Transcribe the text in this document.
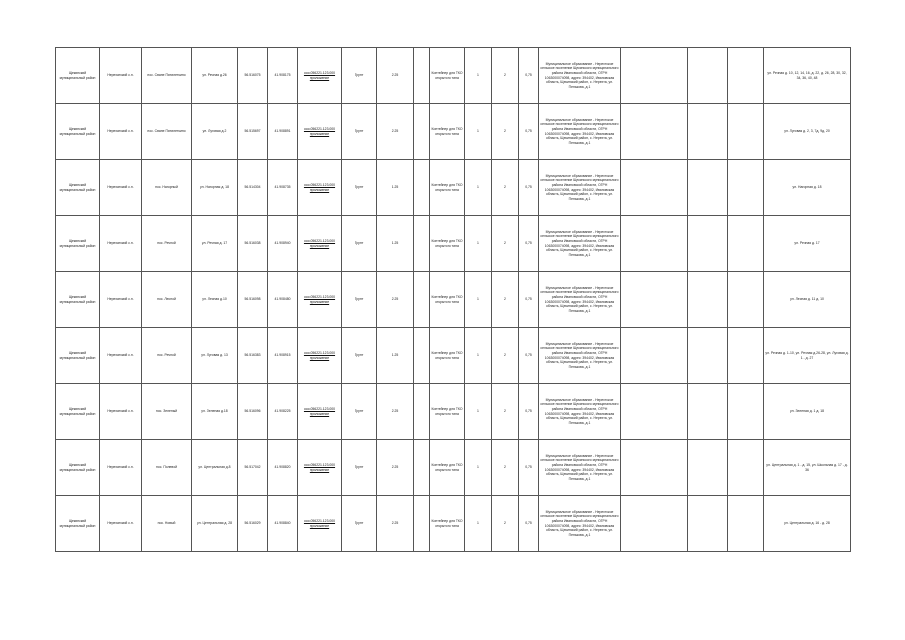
Щекинский муниципальный район	Нерехатский с.п.	пос. Сване Пятилеткино	ул. Речная д.26	56.516075	41.908175	ооо.056221.123.000 приложение	Грунт	2.25		Контейнер для ТКО открытого типа	1	2	0,75	Муниципальное образование - Нерехтское сельское поселение Щекинского муниципального района Ивановской области, ОГРН 1063000074098, адрес: 394402, Ивановская область, Щекинский район, с. Нерехта, ул. Пенькова, д.1				ул. Речная д. 10, 12, 14, 16, д. 22, д. 26, 28, 30, 32, 34, 36, 40, 48
Щекинский муниципальный район	Нерехатский с.п.	пос. Сване Пятилеткино	ул. Луговая д.2	56.515697	41.908891	ооо.056221.123.000 приложение	Грунт	2.25		Контейнер для ТКО открытого типа	1	2	0,75	Муниципальное образование - Нерехтское сельское поселение Щекинского муниципального района Ивановской области, ОГРН 1063000074098, адрес: 394402, Ивановская область, Щекинский район, с. Нерехта, ул. Пенькова, д.1				ул. Луговая д. 2, 3, 7д, 9д, 20
Щекинский муниципальный район	Нерехатский с.п.	пос. Нагорный	ул. Нагорная д. 18	56.514304	41.908735	ооо.056221.123.000 приложение	Грунт	1.25		Контейнер для ТКО открытого типа	1	2	0,75	Муниципальное образование - Нерехтское сельское поселение Щекинского муниципального района Ивановской области, ОГРН 1063000074098, адрес: 394402, Ивановская область, Щекинский район, с. Нерехта, ул. Пенькова, д.1				ул. Нагорная д. 18
Щекинский муниципальный район	Нерехатский с.п.	пос. Речной	ул. Речная д. 17	56.516038	41.908940	ооо.056221.123.000 приложение	Грунт	1.25		Контейнер для ТКО открытого типа	1	2	0,75	Муниципальное образование - Нерехтское сельское поселение Щекинского муниципального района Ивановской области, ОГРН 1063000074098, адрес: 394402, Ивановская область, Щекинский район, с. Нерехта, ул. Пенькова, д.1				ул. Речная д. 17
Щекинский муниципальный район	Нерехатский с.п.	пос. Лесной	ул. Лесная д.10	56.516098	41.908480	ооо.056221.123.000 приложение	Грунт	2.25		Контейнер для ТКО открытого типа	1	2	0,75	Муниципальное образование - Нерехтское сельское поселение Щекинского муниципального района Ивановской области, ОГРН 1063000074098, адрес: 394402, Ивановская область, Щекинский район, с. Нерехта, ул. Пенькова, д.1				ул. Лесная д. 11 д. 10
Щекинский муниципальный район	Нерехатский с.п.	пос. Речной	ул. Луговая д. 13	56.516383	41.908915	ооо.056221.123.000 приложение	Грунт	1.25		Контейнер для ТКО открытого типа	1	2	0,75	Муниципальное образование - Нерехтское сельское поселение Щекинского муниципального района Ивановской области, ОГРН 1063000074098, адрес: 394402, Ивановская область, Щекинский район, с. Нерехта, ул. Пенькова, д.1				ул. Речная д. 1-10, ул. Речная д.26-28, ул. Луговая д. 1 - д. 27
Щекинский муниципальный район	Нерехатский с.п.	пос. Зеленый	ул. Зеленая д.18	56.516096	41.908225	ооо.056221.123.000 приложение	Грунт	2.25		Контейнер для ТКО открытого типа	1	2	0,75	Муниципальное образование - Нерехтское сельское поселение Щекинского муниципального района Ивановской области, ОГРН 1063000074098, адрес: 394402, Ивановская область, Щекинский район, с. Нерехта, ул. Пенькова, д.1				ул. Зеленая д. 1 д. 18
Щекинский муниципальный район	Нерехатский с.п.	пос. Полевой	ул. Центральная д.8	56.517042	41.908820	ооо.056221.123.000 приложение	Грунт	2.25		Контейнер для ТКО открытого типа	1	2	0,75	Муниципальное образование - Нерехтское сельское поселение Щекинского муниципального района Ивановской области, ОГРН 1063000074098, адрес: 394402, Ивановская область, Щекинский район, с. Нерехта, ул. Пенькова, д.1				ул. Центральная д. 1 - д. 15, ул. Школьная д. 17 - д. 36
Щекинский муниципальный район	Нерехатский с.п.	пос. Новый	ул. Центральная д. 28	56.516029	41.908840	ооо.056221.123.000 приложение	Грунт	2.25		Контейнер для ТКО открытого типа	1	2	0,75	Муниципальное образование - Нерехтское сельское поселение Щекинского муниципального района Ивановской области, ОГРН 1063000074098, адрес: 394402, Ивановская область, Щекинский район, с. Нерехта, ул. Пенькова, д.1				ул. Центральная д. 16 - д. 28
